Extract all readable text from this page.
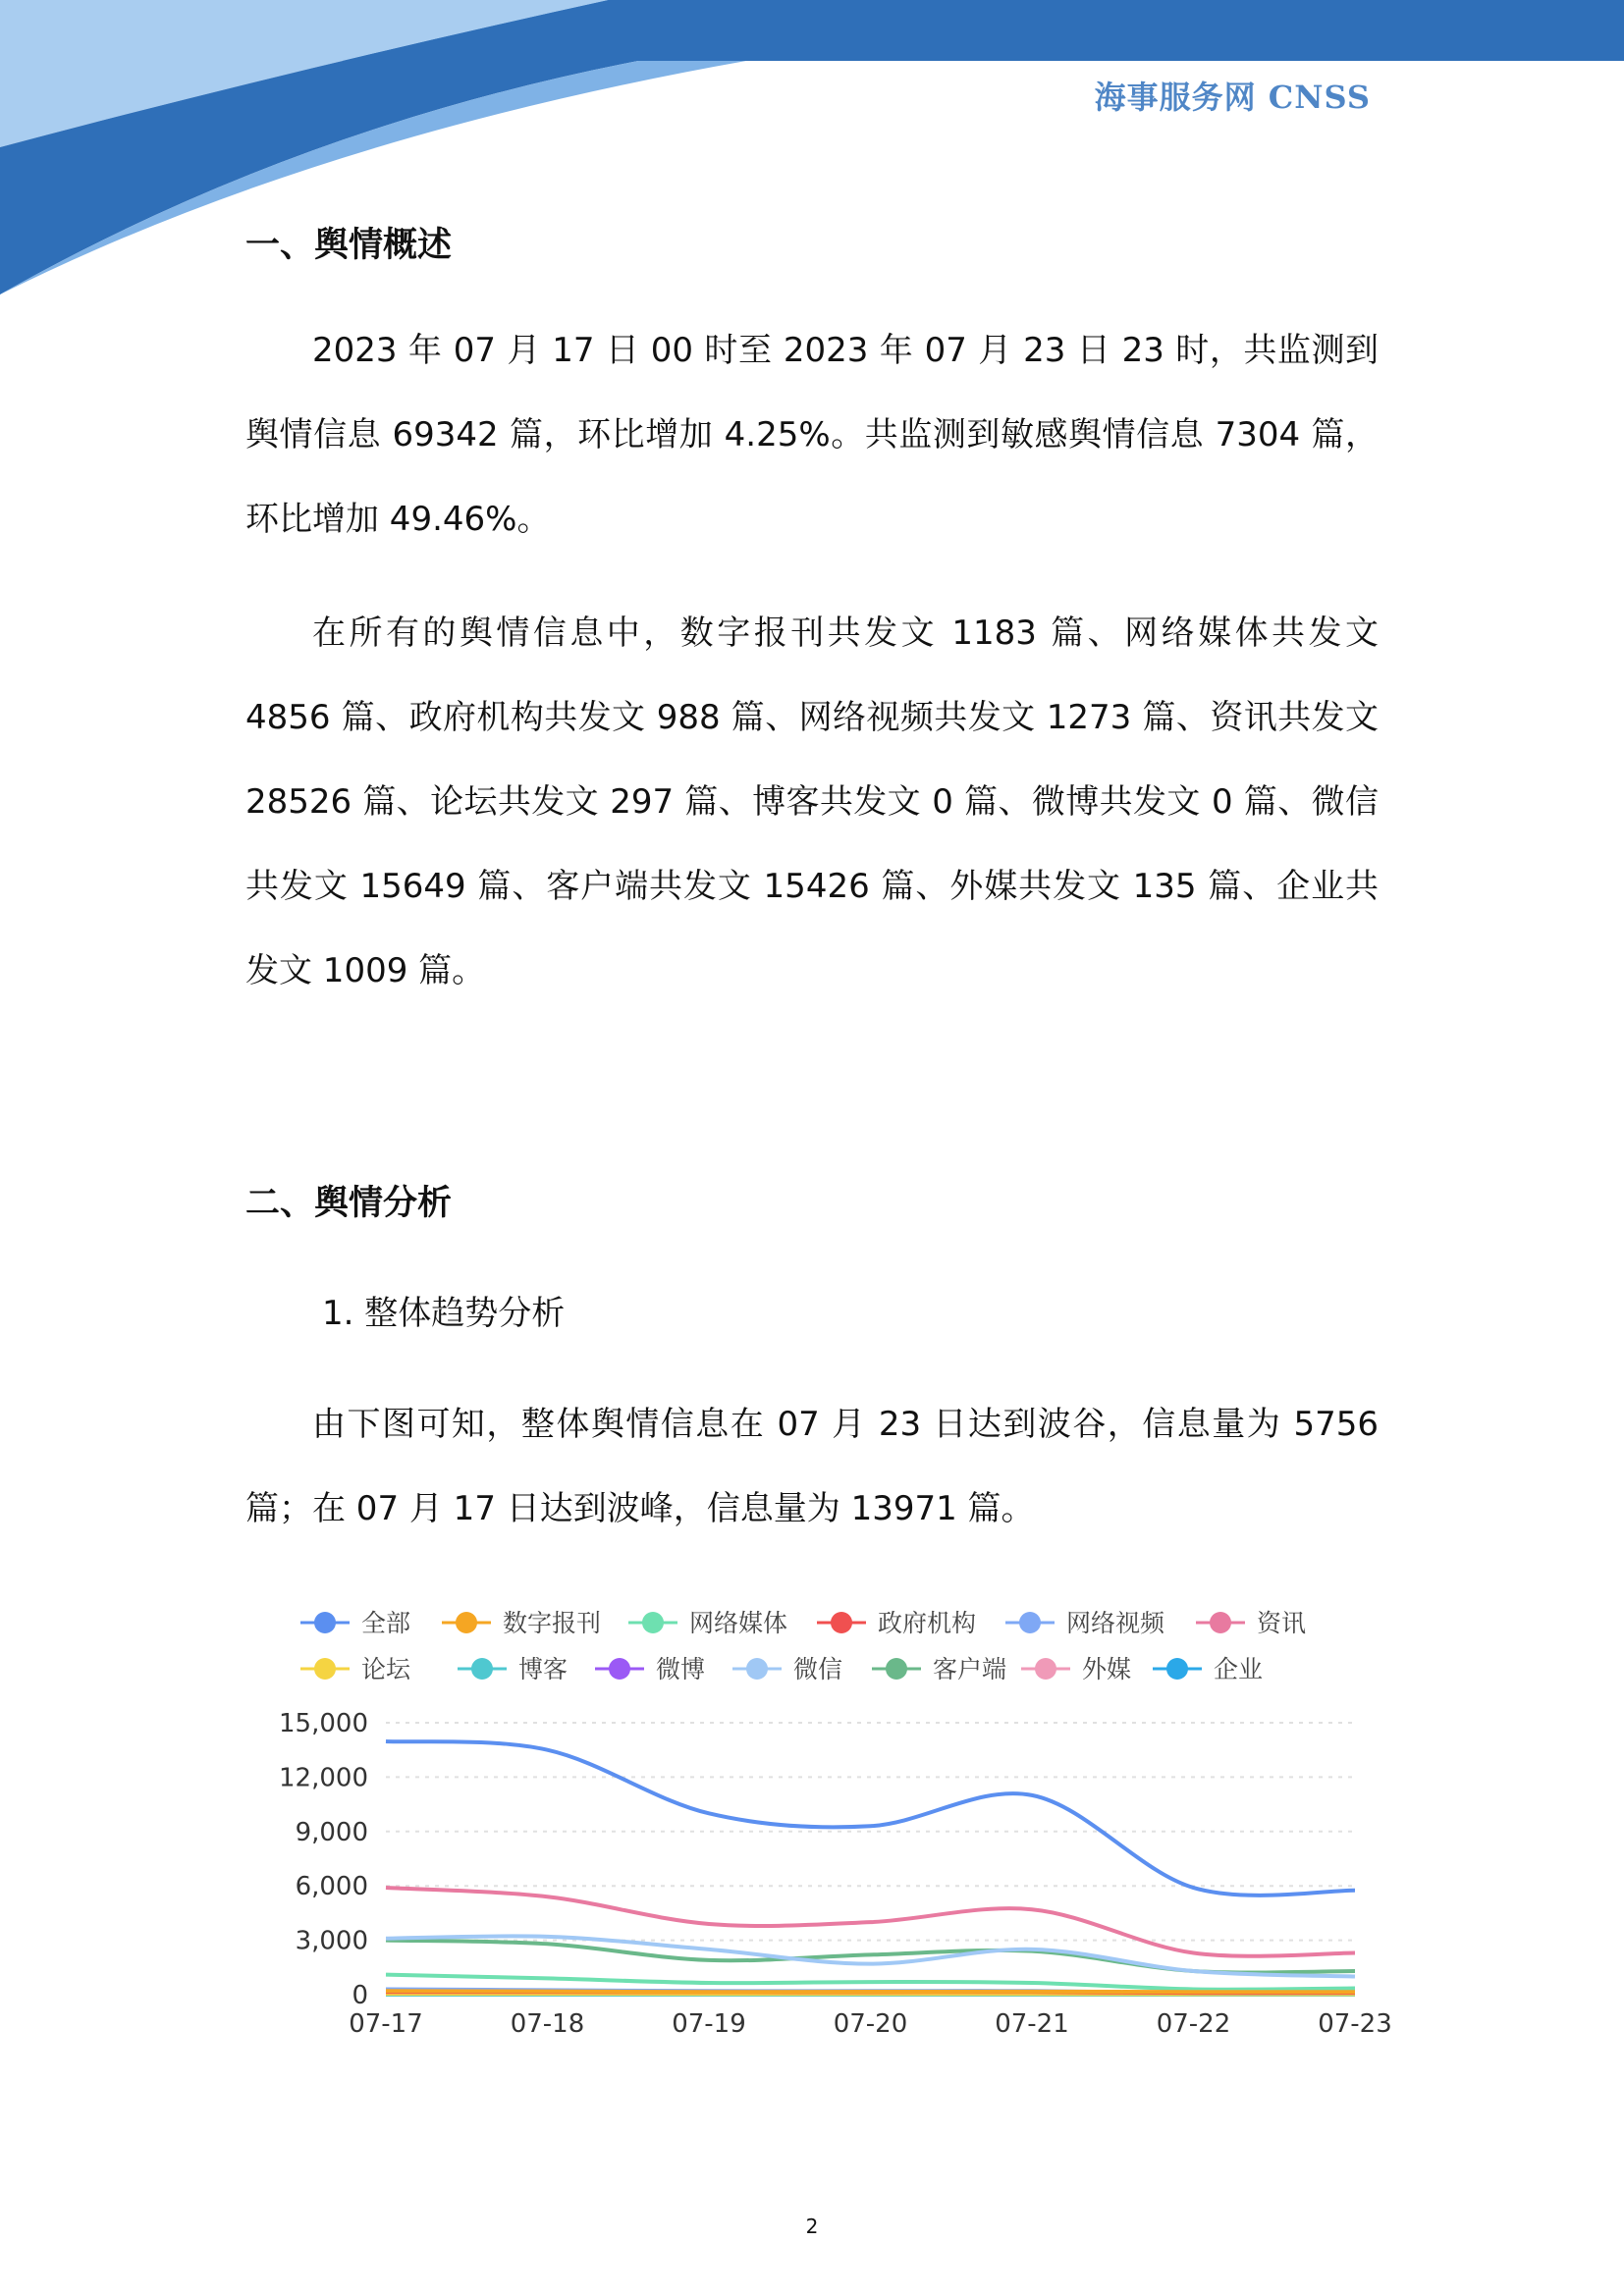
海事服务网 CNSS
一、舆情概述

2023 年 07 月 17 日 00 时至 2023 年 07 月 23 日 23 时，共监测到舆情信息 69342 篇，环比增加 4.25%。共监测到敏感舆情信息 7304 篇，环比增加 49.46%。

在所有的舆情信息中，数字报刊共发文 1183 篇、网络媒体共发文 4856 篇、政府机构共发文 988 篇、网络视频共发文 1273 篇、资讯共发文 28526 篇、论坛共发文 297 篇、博客共发文 0 篇、微博共发文 0 篇、微信共发文 15649 篇、客户端共发文 15426 篇、外媒共发文 135 篇、企业共发文 1009 篇。

二、舆情分析

1. 整体趋势分析

由下图可知，整体舆情信息在 07 月 23 日达到波谷，信息量为 5756 篇；在 07 月 17 日达到波峰，信息量为 13971 篇。

全部	数字报刊	网络媒体	政府机构	网络视频	资讯
论坛	博客	微博	微信	客户端	外媒	企业
0
3,000
6,000
9,000
12,000
15,000
07-17	07-18	07-19	07-20	07-21	07-22	07-23
2
